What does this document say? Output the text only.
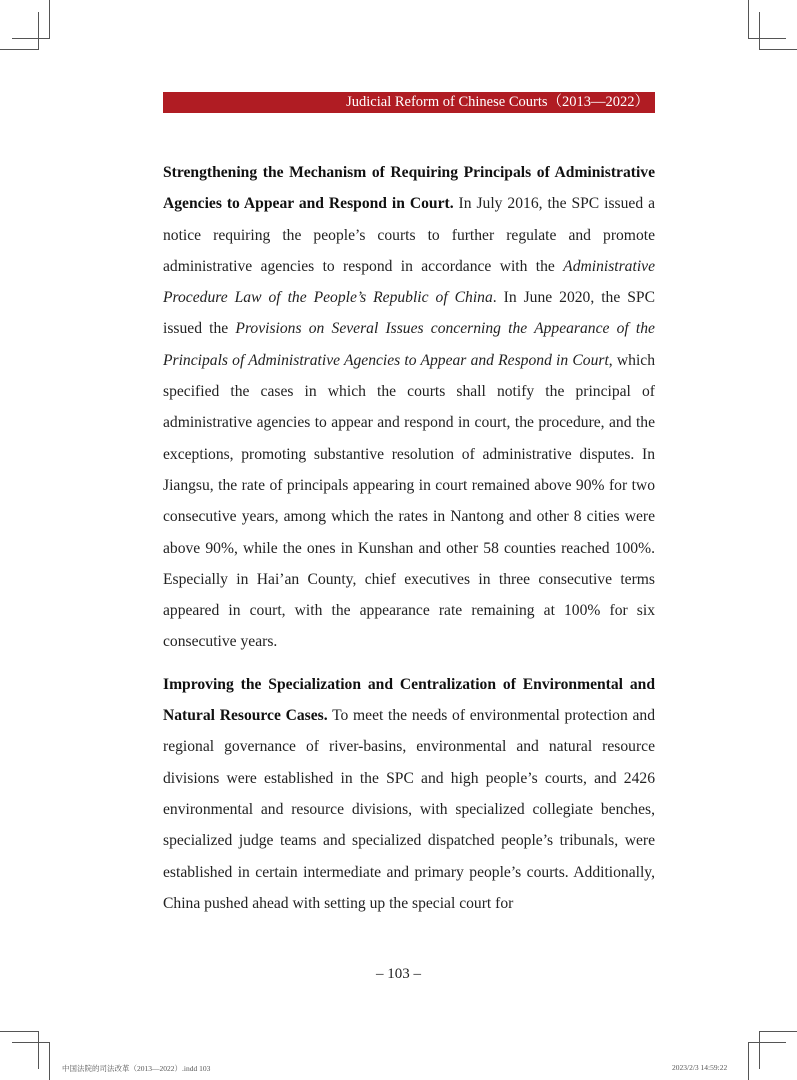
Judicial Reform of Chinese Courts（2013—2022）

Strengthening the Mechanism of Requiring Principals of Administrative Agencies to Appear and Respond in Court. In July 2016, the SPC issued a notice requiring the people’s courts to further regulate and promote administrative agencies to respond in accordance with the Administrative Procedure Law of the People’s Republic of China. In June 2020, the SPC issued the Provisions on Several Issues concerning the Appearance of the Principals of Administrative Agencies to Appear and Respond in Court, which specified the cases in which the courts shall notify the principal of administrative agencies to appear and respond in court, the procedure, and the exceptions, promoting substantive resolution of administrative disputes. In Jiangsu, the rate of principals appearing in court remained above 90% for two consecutive years, among which the rates in Nantong and other 8 cities were above 90%, while the ones in Kunshan and other 58 counties reached 100%. Especially in Hai’an County, chief executives in three consecutive terms appeared in court, with the appearance rate remaining at 100% for six consecutive years.

Improving the Specialization and Centralization of Environmental and Natural Resource Cases. To meet the needs of environmental protection and regional governance of river-basins, environmental and natural resource divisions were established in the SPC and high people’s courts, and 2426 environmental and resource divisions, with specialized collegiate benches, specialized judge teams and specialized dispatched people’s tribunals, were established in certain intermediate and primary people’s courts. Additionally, China pushed ahead with setting up the special court for

– 103 –
中国法院的司法改革（2013—2022）.indd 103	2023/2/3 14:59:22
